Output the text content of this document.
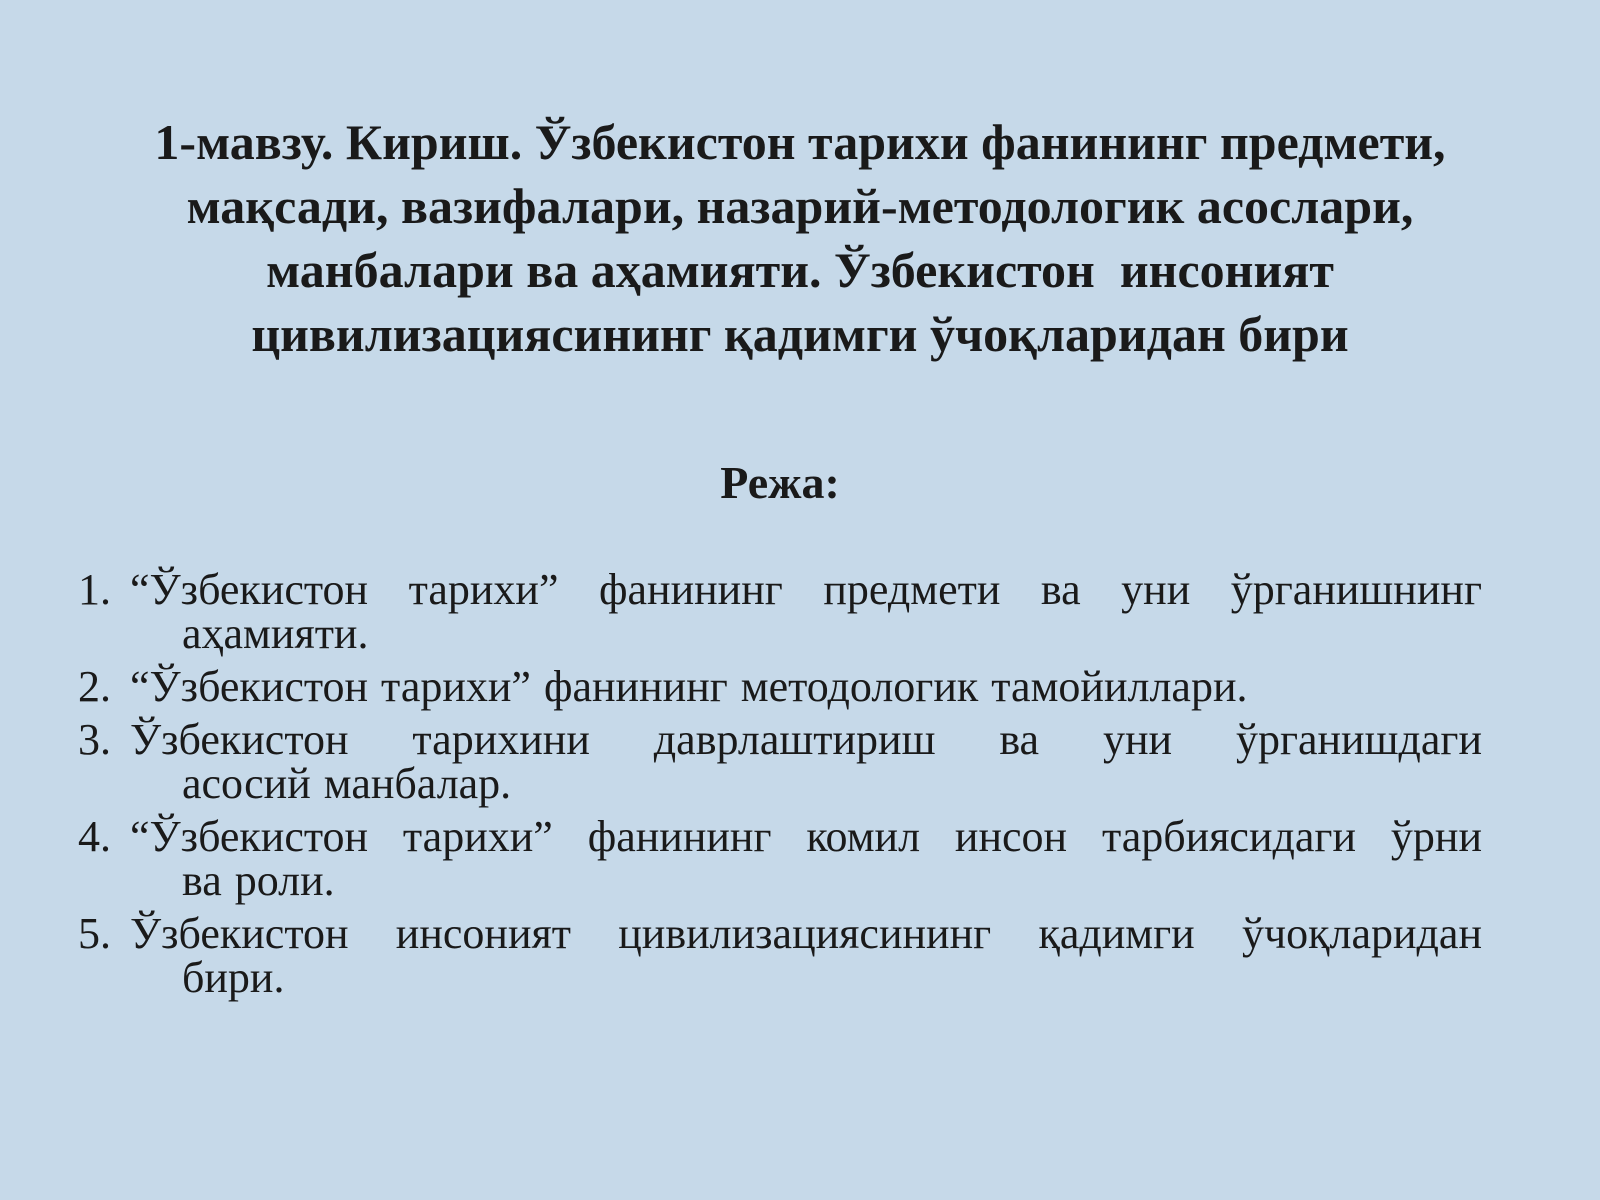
1-мавзу. Кириш. Ўзбекистон тарихи фанининг предмети, мақсади, вазифалари, назарий-методологик асослари, манбалари ва аҳамияти. Ўзбекистон  инсоният цивилизациясининг қадимги ўчоқларидан бири
Режа:
1. “Ўзбекистон тарихи” фанининг предмети ва уни ўрганишнинг
аҳамияти.
2. “Ўзбекистон тарихи” фанининг методологик тамойиллари.
3. Ўзбекистон тарихини даврлаштириш ва уни ўрганишдаги
асосий манбалар.
4. “Ўзбекистон тарихи” фанининг комил инсон тарбиясидаги ўрни
ва роли.
5. Ўзбекистон инсоният цивилизациясининг қадимги ўчоқларидан
бири.
